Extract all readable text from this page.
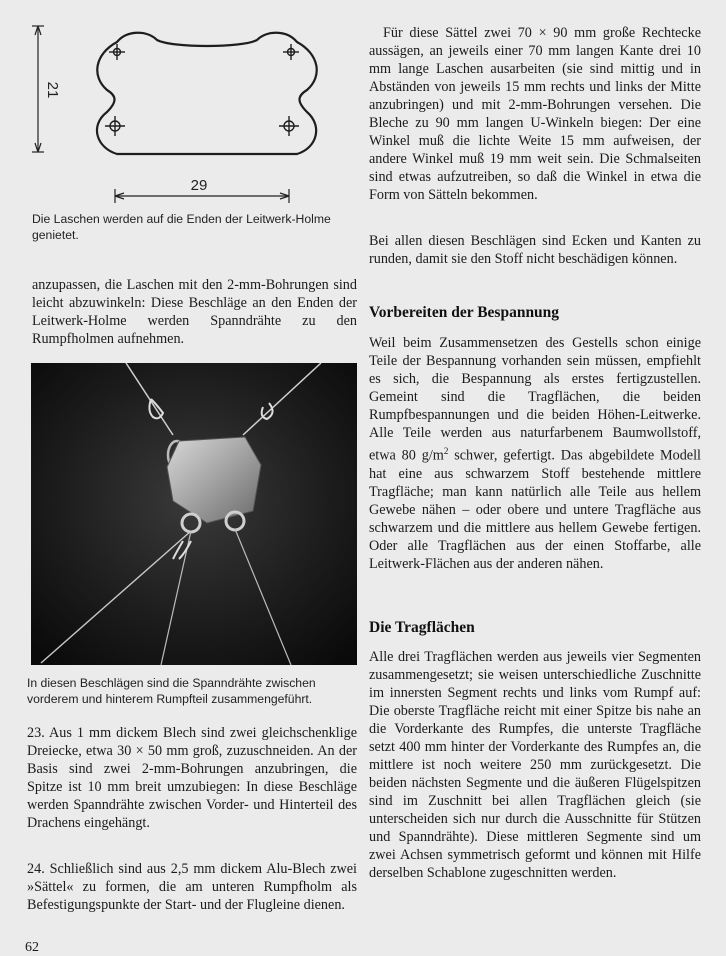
21
29
Die Laschen werden auf die Enden der Leitwerk-Holme genietet.

anzupassen, die Laschen mit den 2-mm-Bohrungen sind leicht abzuwinkeln: Diese Beschläge an den Enden der Leitwerk-Holme werden Spanndrähte zu den Rumpfholmen aufnehmen.

In diesen Beschlägen sind die Spanndrähte zwischen vorderem und hinterem Rumpfteil zusammengeführt.

23. Aus 1 mm dickem Blech sind zwei gleichschenklige Dreiecke, etwa 30 × 50 mm groß, zuzuschneiden. An der Basis sind zwei 2-mm-Bohrungen anzubringen, die Spitze ist 10 mm breit umzubiegen: In diese Beschläge werden Spanndrähte zwischen Vorder- und Hinterteil des Drachens eingehängt.

24. Schließlich sind aus 2,5 mm dickem Alu-Blech zwei »Sättel« zu formen, die am unteren Rumpfholm als Befestigungspunkte der Start- und der Flugleine dienen.

62

Für diese Sättel zwei 70 × 90 mm große Rechtecke aussägen, an jeweils einer 70 mm langen Kante drei 10 mm lange Laschen ausarbeiten (sie sind mittig und in Abständen von jeweils 15 mm rechts und links der Mitte anzubringen) und mit 2-mm-Bohrungen versehen. Die Bleche zu 90 mm langen U-Winkeln biegen: Der eine Winkel muß die lichte Weite 15 mm aufweisen, der andere Winkel muß 19 mm weit sein. Die Schmalseiten sind etwas aufzutreiben, so daß die Winkel in etwa die Form von Sätteln bekommen.

Bei allen diesen Beschlägen sind Ecken und Kanten zu runden, damit sie den Stoff nicht beschädigen können.

Vorbereiten der Bespannung

Weil beim Zusammensetzen des Gestells schon einige Teile der Bespannung vorhanden sein müssen, empfiehlt es sich, die Bespannung als erstes fertigzustellen. Gemeint sind die Tragflächen, die beiden Rumpfbespannungen und die beiden Höhen-Leitwerke. Alle Teile werden aus naturfarbenem Baumwollstoff, etwa 80 $g/m^2$ schwer, gefertigt. Das abgebildete Modell hat eine aus schwarzem Stoff bestehende mittlere Tragfläche; man kann natürlich alle Teile aus hellem Gewebe nähen – oder obere und untere Tragfläche aus schwarzem und die mittlere aus hellem Gewebe fertigen. Oder alle Tragflächen aus der einen Stoffarbe, alle Leitwerk-Flächen aus der anderen nähen.

Die Tragflächen

Alle drei Tragflächen werden aus jeweils vier Segmenten zusammengesetzt; sie weisen unterschiedliche Zuschnitte im innersten Segment rechts und links vom Rumpf auf: Die oberste Tragfläche reicht mit einer Spitze bis nahe an die Vorderkante des Rumpfes, die unterste Tragfläche setzt 400 mm hinter der Vorderkante des Rumpfes an, die mittlere ist noch weitere 250 mm zurückgesetzt. Die beiden nächsten Segmente und die äußeren Flügelspitzen sind im Zuschnitt bei allen Tragflächen gleich (sie unterscheiden sich nur durch die Ausschnitte für Stützen und Spanndrähte). Diese mittleren Segmente sind um zwei Achsen symmetrisch geformt und können mit Hilfe derselben Schablone zugeschnitten werden.
